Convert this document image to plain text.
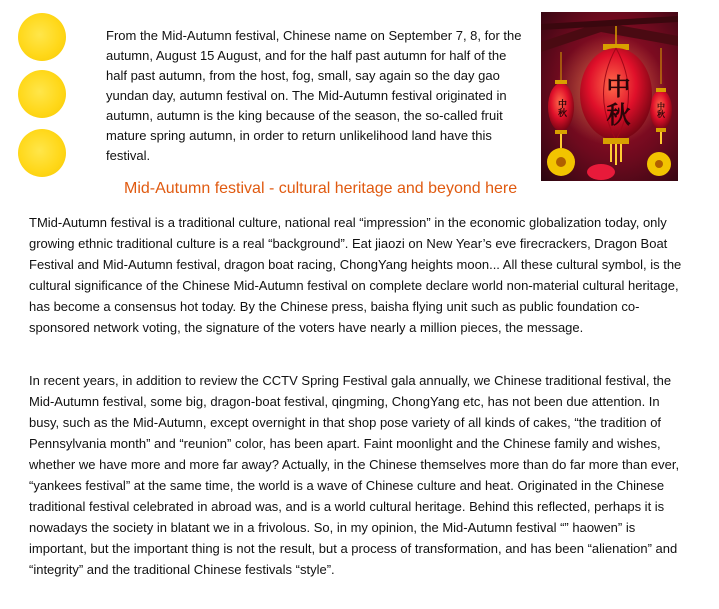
From the Mid-Autumn festival, Chinese name on September 7, 8, for the autumn, August 15 August, and for the half past autumn for half of the half past autumn, from the host, fog, small, say again so the day gao yundan day, autumn festival on. The Mid-Autumn festival originated in autumn, autumn is the king because of the season, the so-called fruit mature spring autumn, in order to return unlikelihood land have this festival.

中秋
中秋	中秋
Mid-Autumn festival - cultural heritage and beyond here

TMid-Autumn festival is a traditional culture, national real “impression” in the economic globalization today, only growing ethnic traditional culture is a real “background”. Eat jiaozi on New Year’s eve firecrackers, Dragon Boat Festival and Mid-Autumn festival, dragon boat racing, ChongYang heights moon... All these cultural symbol, is the cultural significance of the Chinese Mid-Autumn festival on complete declare world non-material cultural heritage, has become a consensus hot today. By the Chinese press, baisha flying unit such as public foundation co-sponsored network voting, the signature of the voters have nearly a million pieces, the message.

In recent years, in addition to review the CCTV Spring Festival gala annually, we Chinese traditional festival, the Mid-Autumn festival, some big, dragon-boat festival, qingming, ChongYang etc, has not been due attention. In busy, such as the Mid-Autumn, except overnight in that shop pose variety of all kinds of cakes, “the tradition of Pennsylvania month” and “reunion” color, has been apart. Faint moonlight and the Chinese family and wishes, whether we have more and more far away? Actually, in the Chinese themselves more than do far more than ever, “yankees festival” at the same time, the world is a wave of Chinese culture and heat. Originated in the Chinese traditional festival celebrated in abroad was, and is a world cultural heritage. Behind this reflected, perhaps it is nowadays the society in blatant we in a frivolous. So, in my opinion, the Mid-Autumn festival “” haowen” is important, but the important thing is not the result, but a process of transformation, and has been “alienation” and “integrity” and the traditional Chinese festivals “style”.
